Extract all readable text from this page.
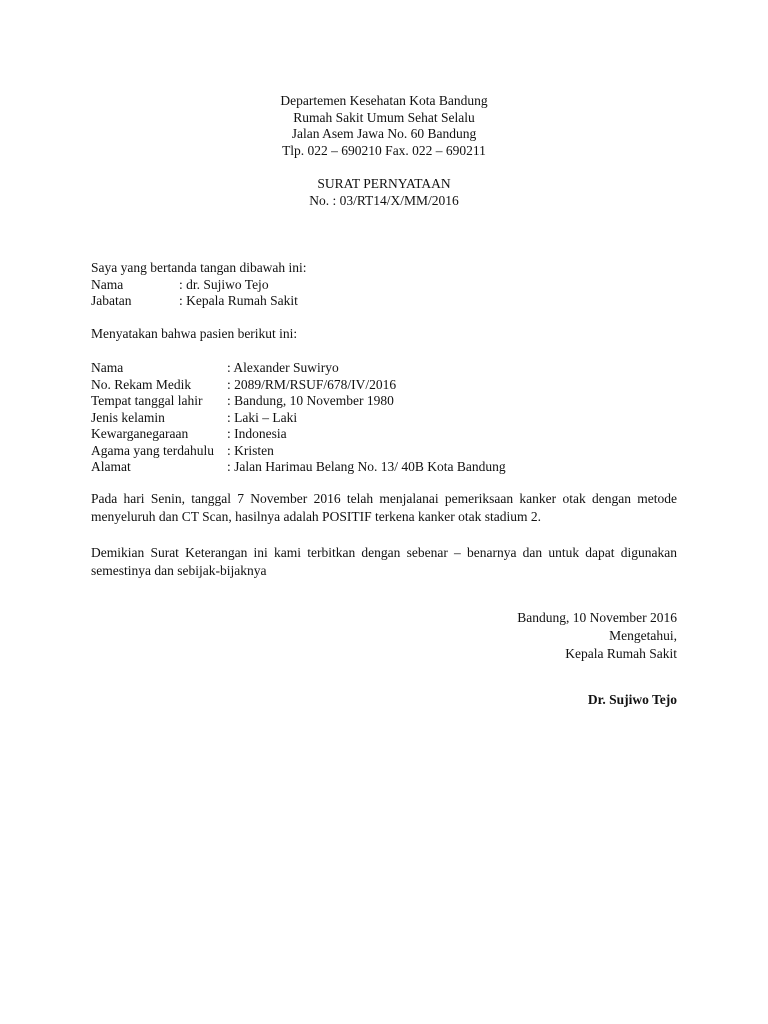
Departemen Kesehatan Kota Bandung
Rumah Sakit Umum Sehat Selalu
Jalan Asem Jawa No. 60 Bandung
Tlp. 022 – 690210 Fax. 022 – 690211
SURAT PERNYATAAN
No. : 03/RT14/X/MM/2016
Saya yang bertanda tangan dibawah ini:
Nama	: dr. Sujiwo Tejo
Jabatan	: Kepala Rumah Sakit
Menyatakan bahwa pasien berikut ini:
Nama	: Alexander Suwiryo
No. Rekam Medik	: 2089/RM/RSUF/678/IV/2016
Tempat tanggal lahir	: Bandung, 10 November 1980
Jenis kelamin	: Laki – Laki
Kewarganegaraan	: Indonesia
Agama yang terdahulu : Kristen
Alamat	: Jalan Harimau Belang No. 13/ 40B Kota Bandung
Pada hari Senin, tanggal 7 November 2016 telah menjalanai pemeriksaan kanker otak dengan metode menyeluruh dan CT Scan, hasilnya adalah POSITIF terkena kanker otak stadium 2.
Demikian Surat Keterangan ini kami terbitkan dengan sebenar – benarnya dan untuk dapat digunakan semestinya dan sebijak-bijaknya
Bandung, 10 November 2016
Mengetahui,
Kepala Rumah Sakit
Dr. Sujiwo Tejo
